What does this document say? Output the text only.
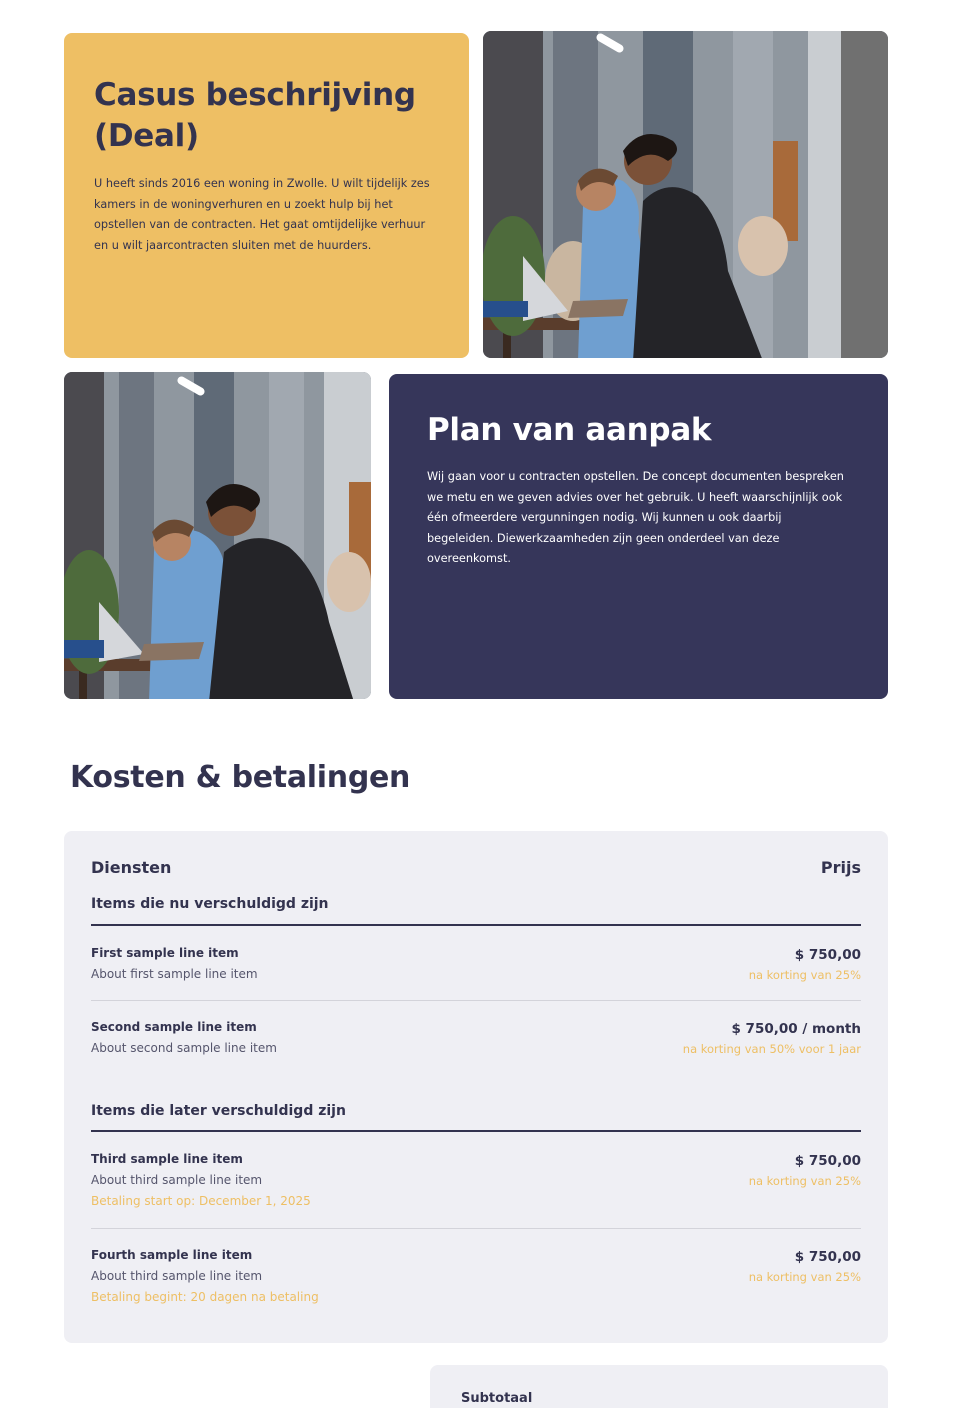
Casus beschrijving (Deal)

U heeft sinds 2016 een woning in Zwolle. U wilt tijdelijk zes kamers in de woningverhuren en u zoekt hulp bij het opstellen van de contracten. Het gaat omtijdelijke verhuur en u wilt jaarcontracten sluiten met de huurders.

Plan van aanpak

Wij gaan voor u contracten opstellen. De concept documenten bespreken we metu en we geven advies over het gebruik. U heeft waarschijnlijk ook één ofmeerdere vergunningen nodig. Wij kunnen u ook daarbij begeleiden. Diewerkzaamheden zijn geen onderdeel van deze overeenkomst.

Kosten & betalingen
Diensten	Prijs
Items die nu verschuldigd zijn
First sample line item
About first sample line item
$ 750,00
na korting van 25%
Second sample line item
About second sample line item
$ 750,00 / month
na korting van 50% voor 1 jaar
Items die later verschuldigd zijn
Third sample line item
About third sample line item
Betaling start op: December 1, 2025
$ 750,00
na korting van 25%
Fourth sample line item
About third sample line item
Betaling begint: 20 dagen na betaling
$ 750,00
na korting van 25%
Subtotaal
